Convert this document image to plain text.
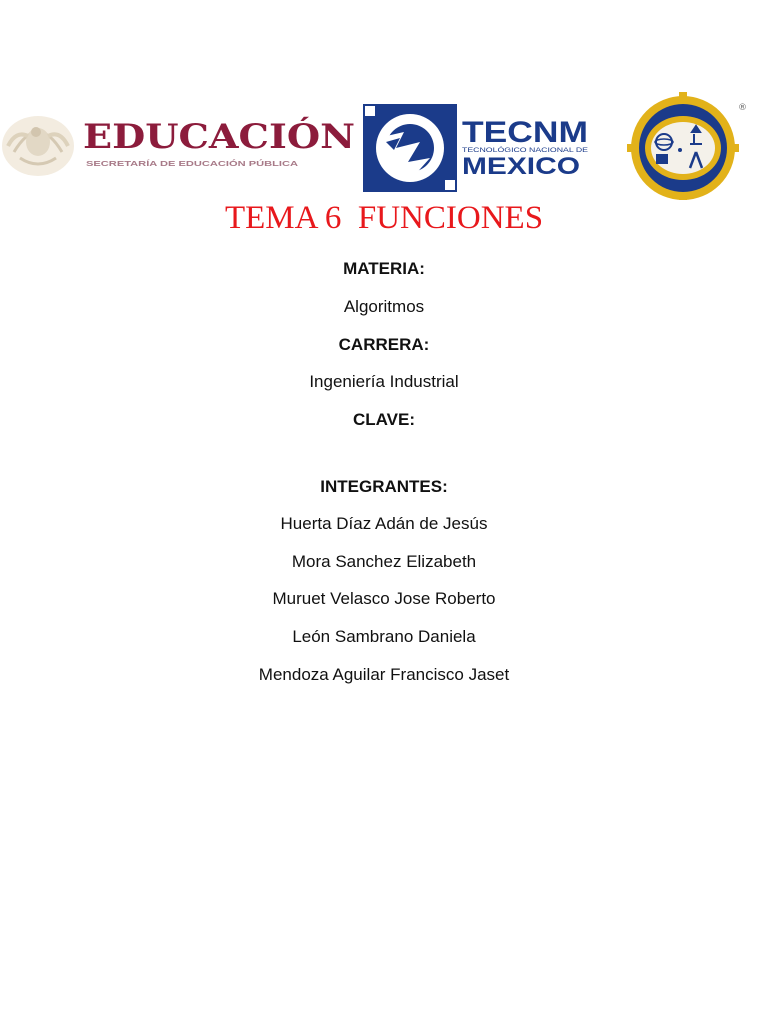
EDUCACIÓN
SECRETARÍA DE EDUCACIÓN PÚBLICA
TECNM
TECNOLÓGICO NACIONAL DE
MEXICO
®
TEMA 6  FUNCIONES
MATERIA:
Algoritmos
CARRERA:
Ingeniería Industrial
CLAVE:
INTEGRANTES:
Huerta Díaz Adán de Jesús
Mora Sanchez Elizabeth
Muruet Velasco Jose Roberto
León Sambrano Daniela
Mendoza Aguilar Francisco Jaset
